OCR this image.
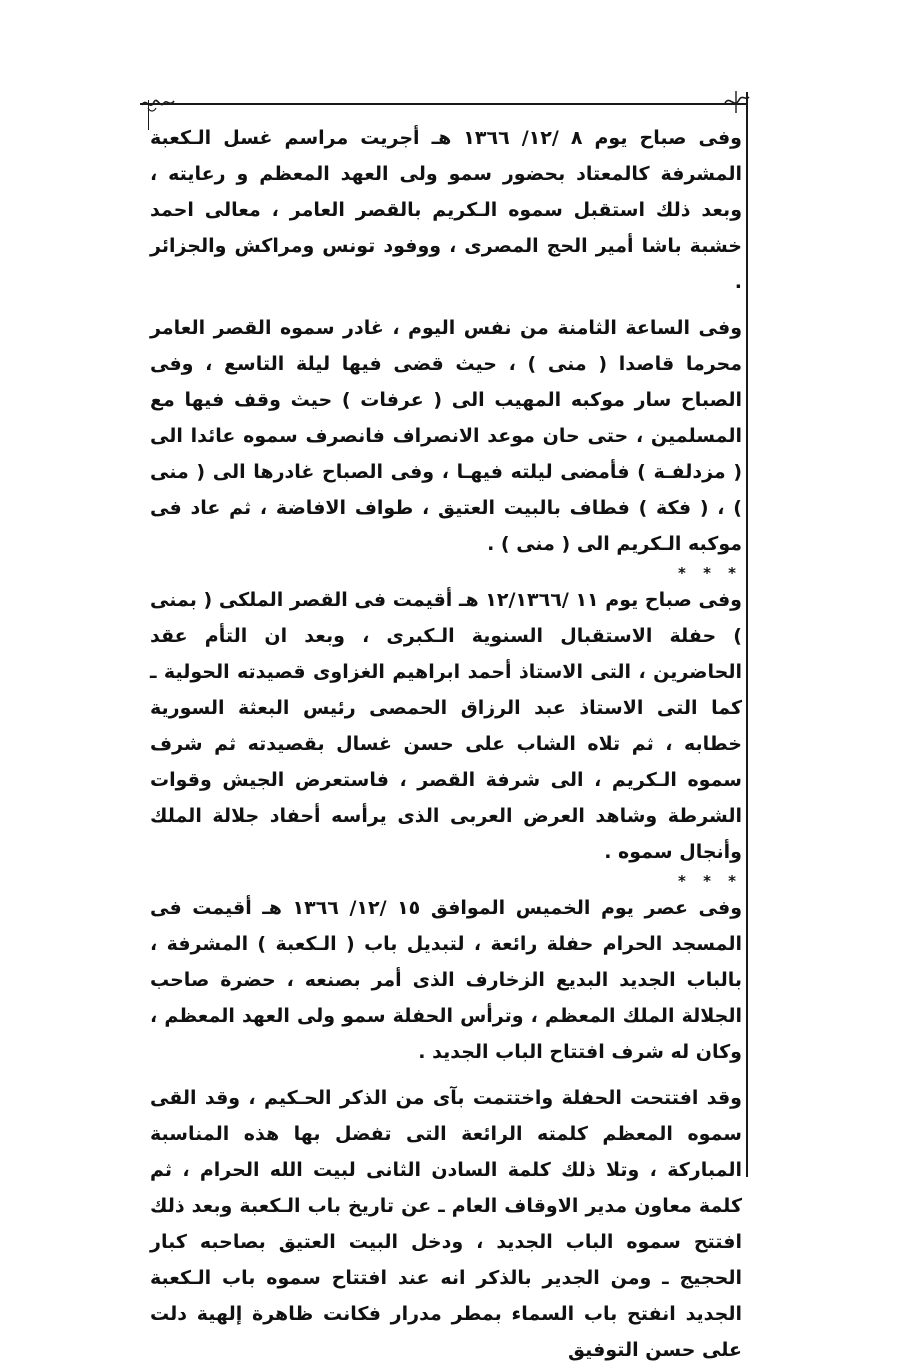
وفى صباح يوم ٨ /١٢/ ١٣٦٦ هـ أجريت مراسم غسل الـكعبة المشرفة كالمعتاد بحضور سمو ولى العهد المعظم و رعايته ، وبعد ذلك استقبل سموه الـكريم بالقصر العامر ، معالى احمد خشبة باشا أمير الحج المصرى ، ووفود تونس ومراكش والجزائر .

وفى الساعة الثامنة من نفس اليوم ، غادر سموه القصر العامر محرما قاصدا ( منى ) ، حيث قضى فيها ليلة التاسع ، وفى الصباح سار موكبه المهيب الى ( عرفات ) حيث وقف فيها مع المسلمين ، حتى حان موعد الانصراف فانصرف سموه عائدا الى ( مزدلفـة ) فأمضى ليلته فيهـا ، وفى الصباح غادرها الى ( منى ) ، ( فكة ) فطاف بالبيت العتيق ، طواف الافاضة ، ثم عاد فى موكبه الـكريم الى ( منى ) .

* * *

وفى صباح يوم ١١ /١٢/١٣٦٦ هـ أقيمت فى القصر الملكى ( بمنى ) حفلة الاستقبال السنوية الـكبرى ، وبعد ان التأم عقد الحاضرين ، التى الاستاذ أحمد ابراهيم الغزاوى قصيدته الحولية ـ كما التى الاستاذ عبد الرزاق الحمصى رئيس البعثة السورية خطابه ، ثم تلاه الشاب على حسن غسال بقصيدته ثم شرف سموه الـكريم ، الى شرفة القصر ، فاستعرض الجيش وقوات الشرطة وشاهد العرض العربى الذى يرأسه أحفاد جلالة الملك وأنجال سموه .

* * *

وفى عصر يوم الخميس الموافق ١٥ /١٢/ ١٣٦٦ هـ أقيمت فى المسجد الحرام حفلة رائعة ، لتبديل باب ( الـكعبة ) المشرفة ، بالباب الجديد البديع الزخارف الذى أمر بصنعه ، حضرة صاحب الجلالة الملك المعظم ، وترأس الحفلة سمو ولى العهد المعظم ، وكان له شرف افتتاح الباب الجديد .

وقد افتتحت الحفلة واختتمت بآى من الذكر الحـكيم ، وقد القى سموه المعظم كلمته الرائعة التى تفضل بها هذه المناسبة المباركة ، وتلا ذلك كلمة السادن الثانى لبيت الله الحرام ، ثم كلمة معاون مدير الاوقاف العام ـ عن تاريخ باب الـكعبة وبعد ذلك افتتح سموه الباب الجديد ، ودخل البيت العتيق بصاحبه كبار الحجيج ـ ومن الجدير بالذكر انه عند افتتاح سموه باب الـكعبة الجديد انفتح باب السماء بمطر مدرار فكانت ظاهرة إلهية دلت على حسن التوفيق
